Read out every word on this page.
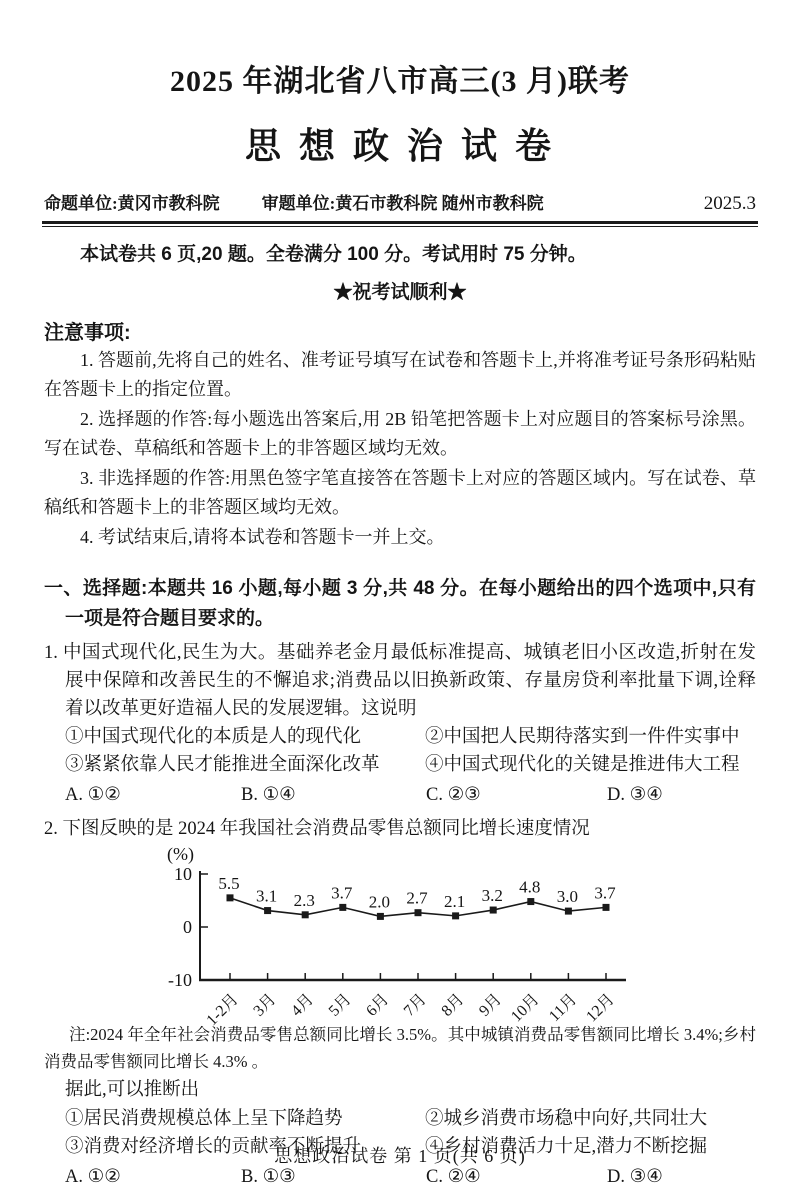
2025 年湖北省八市高三(3 月)联考
思 想 政 治 试 卷
命题单位:黄冈市教科院 审题单位:黄石市教科院 随州市教科院	2025.3

本试卷共 6 页,20 题。全卷满分 100 分。考试用时 75 分钟。

★祝考试顺利★
注意事项:

1. 答题前,先将自己的姓名、准考证号填写在试卷和答题卡上,并将准考证号条形码粘贴在答题卡上的指定位置。

2. 选择题的作答:每小题选出答案后,用 2B 铅笔把答题卡上对应题目的答案标号涂黑。写在试卷、草稿纸和答题卡上的非答题区域均无效。

3. 非选择题的作答:用黑色签字笔直接答在答题卡上对应的答题区域内。写在试卷、草稿纸和答题卡上的非答题区域均无效。

4. 考试结束后,请将本试卷和答题卡一并上交。

一、选择题:本题共 16 小题,每小题 3 分,共 48 分。在每小题给出的四个选项中,只有一项是符合题目要求的。

1. 中国式现代化,民生为大。基础养老金月最低标准提高、城镇老旧小区改造,折射在发展中保障和改善民生的不懈追求;消费品以旧换新政策、存量房贷利率批量下调,诠释着以改革更好造福人民的发展逻辑。这说明

①中国式现代化的本质是人的现代化	②中国把人民期待落实到一件件实事中
③紧紧依靠人民才能推进全面深化改革	④中国式现代化的关键是推进伟大工程
A. ①②	B. ①④	C. ②③	D. ③④

2. 下图反映的是 2024 年我国社会消费品零售总额同比增长速度情况

(%)
10
0
-10
5.5
1-2月
3.1
3月
2.3
4月
3.7
5月
2.0
6月
2.7
7月
2.1
8月
3.2
9月
4.8
10月
3.0
11月
3.7
12月

注:2024 年全年社会消费品零售总额同比增长 3.5%。其中城镇消费品零售额同比增长 3.4%;乡村消费品零售额同比增长 4.3% 。

据此,可以推断出

①居民消费规模总体上呈下降趋势	②城乡消费市场稳中向好,共同壮大
③消费对经济增长的贡献率不断提升	④乡村消费活力十足,潜力不断挖掘
A. ①②	B. ①③	C. ②④	D. ③④
思想政治试卷 第 1 页(共 6 页)
